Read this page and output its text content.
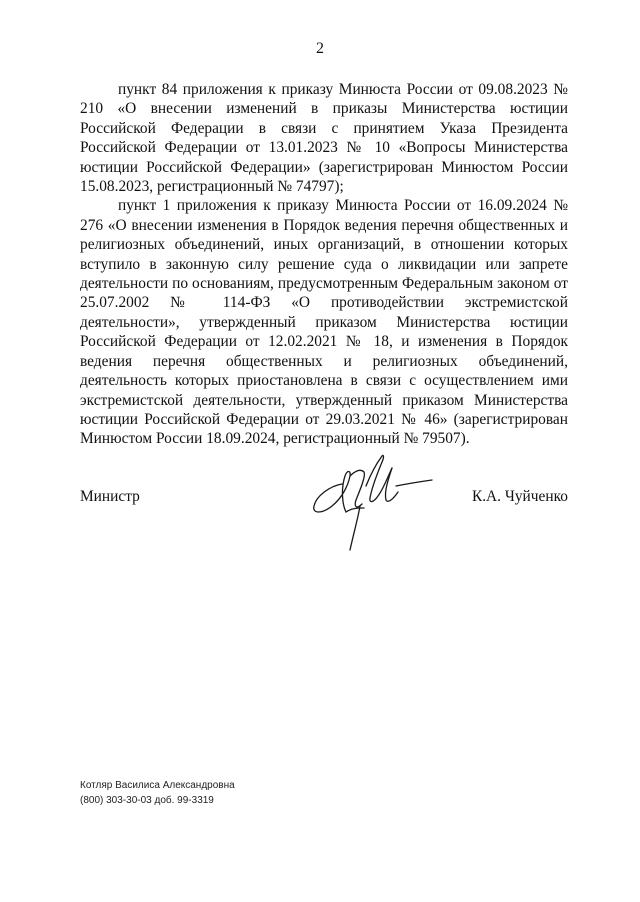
2

пункт 84 приложения к приказу Минюста России от 09.08.2023 № 210 «О внесении изменений в приказы Министерства юстиции Российской Федерации в связи с принятием Указа Президента Российской Федерации от 13.01.2023 № 10 «Вопросы Министерства юстиции Российской Федерации» (зарегистрирован Минюстом России 15.08.2023, регистрационный № 74797);

пункт 1 приложения к приказу Минюста России от 16.09.2024 № 276 «О внесении изменения в Порядок ведения перечня общественных и религиозных объединений, иных организаций, в отношении которых вступило в законную силу решение суда о ликвидации или запрете деятельности по основаниям, предусмотренным Федеральным законом от 25.07.2002 № 114-ФЗ «О противодействии экстремистской деятельности», утвержденный приказом Министерства юстиции Российской Федерации от 12.02.2021 № 18, и изменения в Порядок ведения перечня общественных и религиозных объединений, деятельность которых приостановлена в связи с осуществлением ими экстремистской деятельности, утвержденный приказом Министерства юстиции Российской Федерации от 29.03.2021 № 46» (зарегистрирован Минюстом России 18.09.2024, регистрационный № 79507).

Министр	К.А. Чуйченко
Котляр Василиса Александровна
(800) 303-30-03 доб. 99-3319
